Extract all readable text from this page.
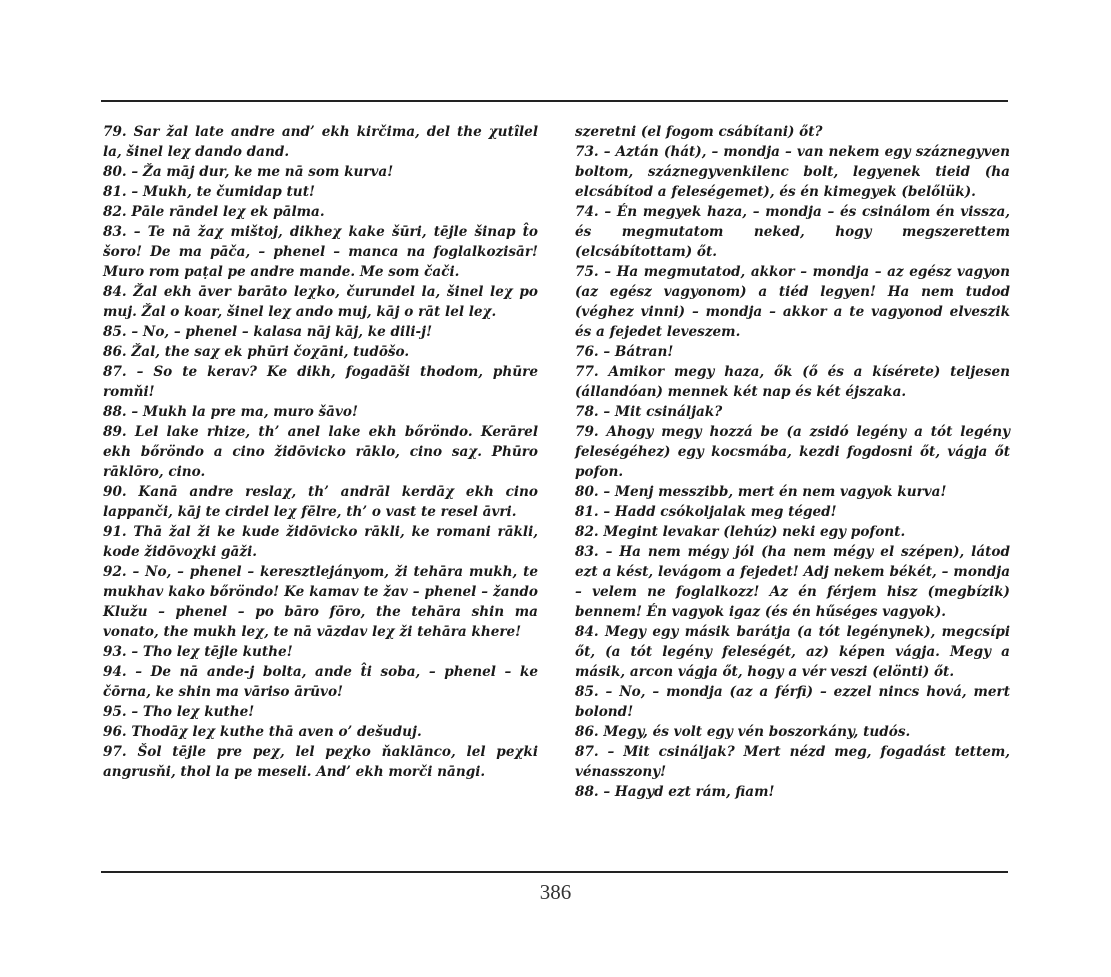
79. Sar žal late andre and’ ekh kirčima, del the χutîlel la, šinel leχ dando dand.

80. – Ža māj dur, ke me nā som kurva!

81. – Mukh, te čumidap tut!

82. Pāle rāndel leχ ek pālma.

83. – Te nā žaχ mištoj, dikheχ kake šūri, tējle šinap t̂o šoro! De ma pāča, – phenel – manca na foglalkozisār! Muro rom paṭal pe andre mande. Me som čači.

84. Žal ekh āver barāto leχko, čurundel la, šinel leχ po muj. Žal o koar, šinel leχ ando muj, kāj o rāt lel leχ.

85. – No, – phenel – kalasa nāj kāj, ke dili-j!

86. Žal, the saχ ek phūri čoχāni, tudōšo.

87. – So te kerav? Ke dikh, fogadāši thodom, phūre romňi!

88. – Mukh la pre ma, muro šāvo!

89. Lel lake rhize, th’ anel lake ekh bőröndo. Kerārel ekh bőröndo a cino židōvicko rāklo, cino saχ. Phūro rāklōro, cino.

90. Kanā andre reslaχ, th’ andrāl kerdāχ ekh cino lappanči, kāj te cirdel leχ fēlre, th’ o vast te resel āvri.

91. Thā žal ži ke kude židōvicko rākli, ke romani rākli, kode židōvoχki gāži.

92. – No, – phenel – keresztlejányom, ži tehāra mukh, te mukhav kako bőröndo! Ke kamav te žav – phenel – žando Klužu – phenel – po bāro fōro, the tehāra shin ma vonato, the mukh leχ, te nā vāzdav leχ ži tehāra khere!

93. – Tho leχ tējle kuthe!

94. – De nā ande-j bolta, ande t̂i soba, – phenel – ke čōrna, ke shin ma vāriso ārūvo!

95. – Tho leχ kuthe!

96. Thodāχ leχ kuthe thā aven o’ dešuduj.

97. Šol tējle pre peχ, lel peχko ňaklānco, lel peχki angrusňi, thol la pe meseli. And’ ekh morči nāngi.

szeretni (el fogom csábítani) őt?

73. – Aztán (hát), – mondja – van nekem egy száznegyven boltom, száznegyvenkilenc bolt, legyenek tieid (ha elcsábítod a feleségemet), és én kimegyek (belőlük).

74. – Én megyek haza, – mondja – és csinálom én vissza, és megmutatom neked, hogy megszerettem (elcsábítottam) őt.

75. – Ha megmutatod, akkor – mondja – az egész vagyon (az egész vagyonom) a tiéd legyen! Ha nem tudod (véghez vinni) – mondja – akkor a te vagyonod elveszik és a fejedet leveszem.

76. – Bátran!

77. Amikor megy haza, ők (ő és a kísérete) teljesen (állandóan) mennek két nap és két éjszaka.

78. – Mit csináljak?

79. Ahogy megy hozzá be (a zsidó legény a tót legény feleségéhez) egy kocsmába, kezdi fogdosni őt, vágja őt pofon.

80. – Menj messzibb, mert én nem vagyok kurva!

81. – Hadd csókoljalak meg téged!

82. Megint levakar (lehúz) neki egy pofont.

83. – Ha nem mégy jól (ha nem mégy el szépen), látod ezt a kést, levágom a fejedet! Adj nekem békét, – mondja – velem ne foglalkozz! Az én férjem hisz (megbízik) bennem! Én vagyok igaz (és én hűséges vagyok).

84. Megy egy másik barátja (a tót legénynek), megcsípi őt, (a tót legény feleségét, az) képen vágja. Megy a másik, arcon vágja őt, hogy a vér veszi (elönti) őt.

85. – No, – mondja (az a férfi) – ezzel nincs hová, mert bolond!

86. Megy, és volt egy vén boszorkány, tudós.

87. – Mit csináljak? Mert nézd meg, fogadást tettem, vénasszony!

88. – Hagyd ezt rám, fiam!

386
